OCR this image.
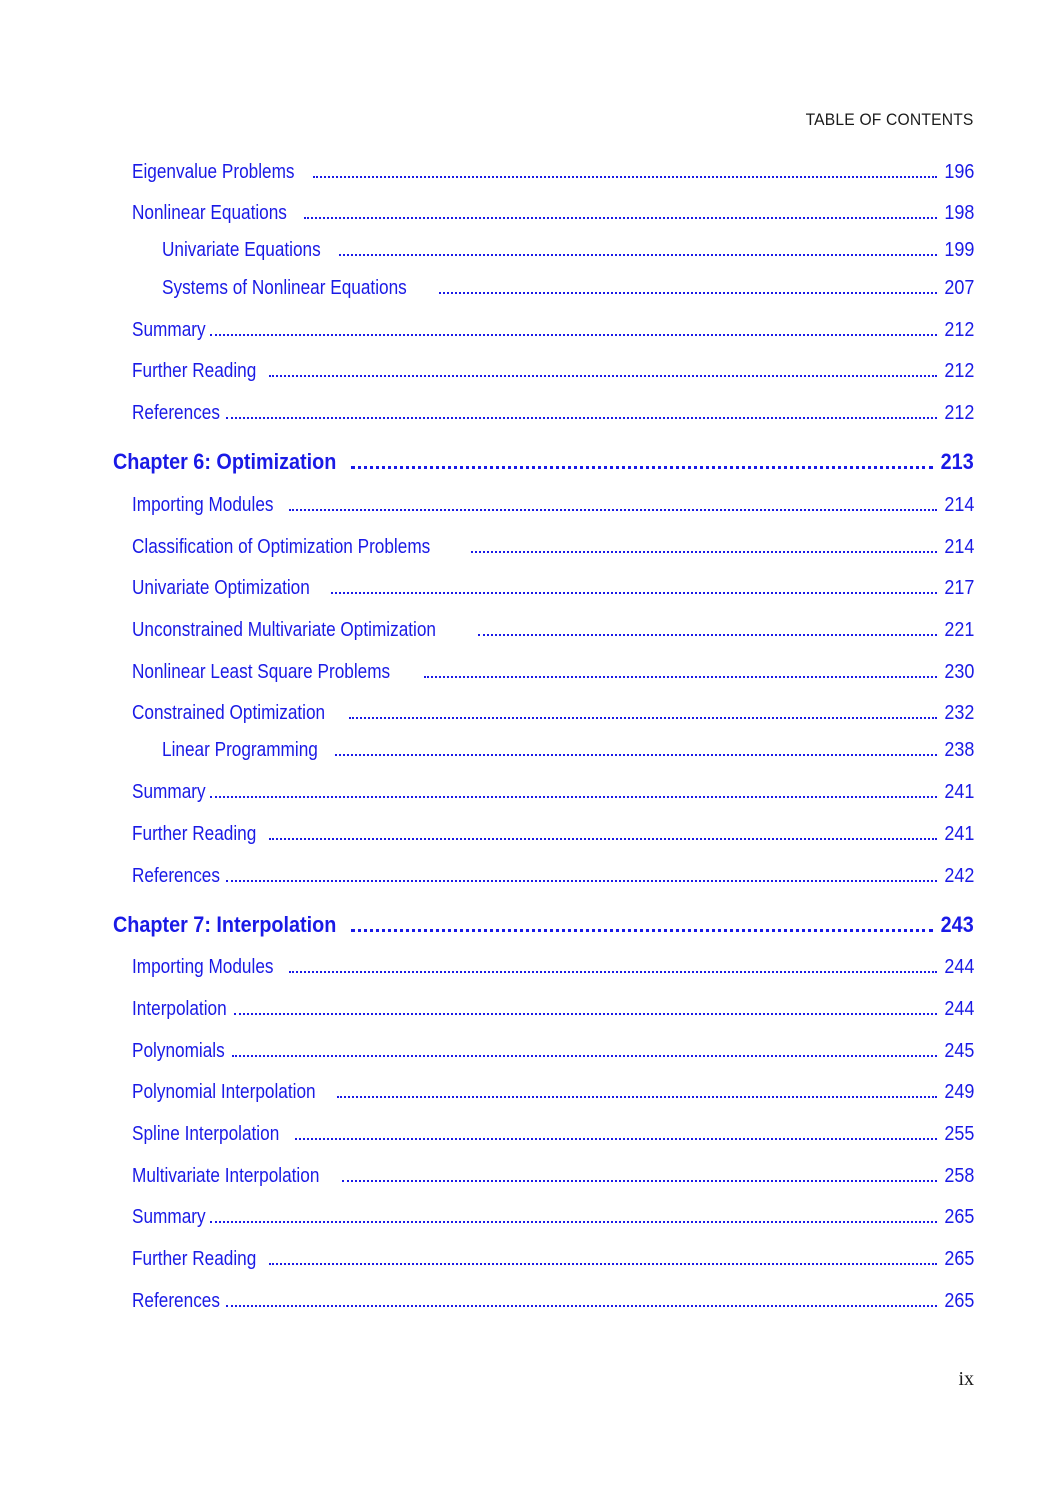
TABLE OF CONTENTS
Eigenvalue Problems	196
Nonlinear Equations	198
Univariate Equations	199
Systems of Nonlinear Equations	207
Summary	212
Further Reading	212
References	212
Chapter 6: Optimization	213
Importing Modules	214
Classification of Optimization Problems	214
Univariate Optimization	217
Unconstrained Multivariate Optimization	221
Nonlinear Least Square Problems	230
Constrained Optimization	232
Linear Programming	238
Summary	241
Further Reading	241
References	242
Chapter 7: Interpolation	243
Importing Modules	244
Interpolation	244
Polynomials	245
Polynomial Interpolation	249
Spline Interpolation	255
Multivariate Interpolation	258
Summary	265
Further Reading	265
References	265
ix
